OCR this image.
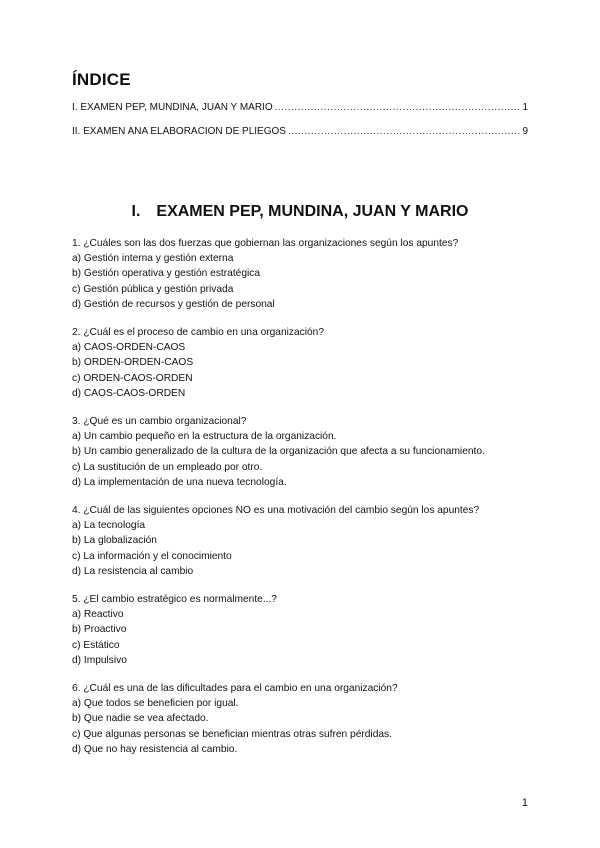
ÍNDICE
I. EXAMEN PEP, MUNDINA, JUAN Y MARIO .....	1
II. EXAMEN ANA ELABORACIÓN DE PLIEGOS .....	9
I. EXAMEN PEP, MUNDINA, JUAN Y MARIO
1. ¿Cuáles son las dos fuerzas que gobiernan las organizaciones según los apuntes?
a) Gestión interna y gestión externa
b) Gestión operativa y gestión estratégica
c) Gestión pública y gestión privada
d) Gestión de recursos y gestión de personal
2. ¿Cuál es el proceso de cambio en una organización?
a) CAOS-ORDEN-CAOS
b) ORDEN-ORDEN-CAOS
c) ORDEN-CAOS-ORDEN
d) CAOS-CAOS-ORDEN
3. ¿Qué es un cambio organizacional?
a) Un cambio pequeño en la estructura de la organización.
b) Un cambio generalizado de la cultura de la organización que afecta a su funcionamiento.
c) La sustitución de un empleado por otro.
d) La implementación de una nueva tecnología.
4. ¿Cuál de las siguientes opciones NO es una motivación del cambio según los apuntes?
a) La tecnología
b) La globalización
c) La información y el conocimiento
d) La resistencia al cambio
5. ¿El cambio estratégico es normalmente...?
a) Reactivo
b) Proactivo
c) Estático
d) Impulsivo
6. ¿Cuál es una de las dificultades para el cambio en una organización?
a) Que todos se beneficien por igual.
b) Que nadie se vea afectado.
c) Que algunas personas se benefician mientras otras sufren pérdidas.
d) Que no hay resistencia al cambio.
1
